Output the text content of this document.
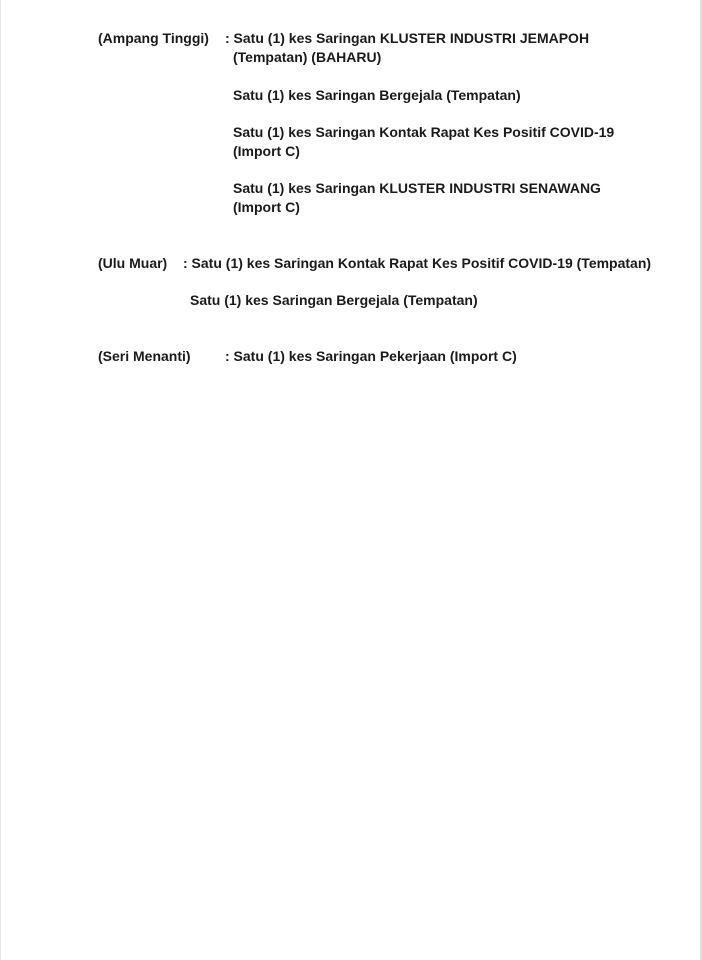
(Ampang Tinggi) : Satu (1) kes Saringan KLUSTER INDUSTRI JEMAPOH
(Tempatan) (BAHARU)
Satu (1) kes Saringan Bergejala (Tempatan)
Satu (1) kes Saringan Kontak Rapat Kes Positif COVID-19
(Import C)
Satu (1) kes Saringan KLUSTER INDUSTRI SENAWANG
(Import C)
(Ulu Muar) : Satu (1) kes Saringan Kontak Rapat Kes Positif COVID-19 (Tempatan)
Satu (1) kes Saringan Bergejala (Tempatan)
(Seri Menanti) : Satu (1) kes Saringan Pekerjaan (Import C)
